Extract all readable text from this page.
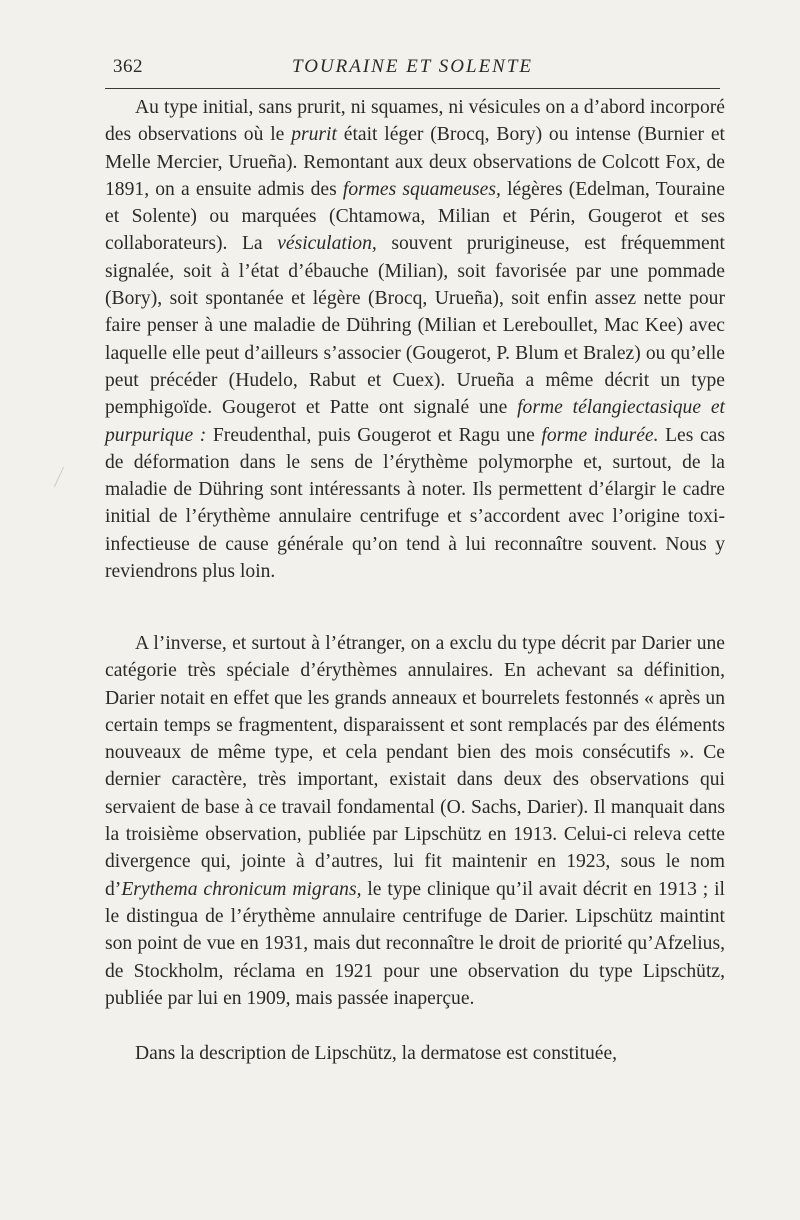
362	TOURAINE ET SOLENTE

Au type initial, sans prurit, ni squames, ni vésicules on a d’abord incorporé des observations où le prurit était léger (Brocq, Bory) ou intense (Burnier et Melle Mercier, Urueña). Remontant aux deux observations de Colcott Fox, de 1891, on a ensuite admis des formes squameuses, légères (Edelman, Touraine et Solente) ou marquées (Chtamowa, Milian et Périn, Gougerot et ses collaborateurs). La vésiculation, souvent prurigineuse, est fréquemment signalée, soit à l’état d’ébauche (Milian), soit favorisée par une pommade (Bory), soit spontanée et légère (Brocq, Urueña), soit enfin assez nette pour faire penser à une maladie de Dühring (Milian et Lereboullet, Mac Kee) avec laquelle elle peut d’ailleurs s’associer (Gougerot, P. Blum et Bralez) ou qu’elle peut précéder (Hudelo, Rabut et Cuex). Urueña a même décrit un type pemphigoïde. Gougerot et Patte ont signalé une forme télangiectasique et purpurique : Freudenthal, puis Gougerot et Ragu une forme indurée. Les cas de déformation dans le sens de l’érythème polymorphe et, surtout, de la maladie de Dühring sont intéressants à noter. Ils permettent d’élargir le cadre initial de l’érythème annulaire centrifuge et s’accordent avec l’origine toxi-infectieuse de cause générale qu’on tend à lui reconnaître souvent. Nous y reviendrons plus loin.

A l’inverse, et surtout à l’étranger, on a exclu du type décrit par Darier une catégorie très spéciale d’érythèmes annulaires. En achevant sa définition, Darier notait en effet que les grands anneaux et bourrelets festonnés « après un certain temps se fragmentent, disparaissent et sont remplacés par des éléments nouveaux de même type, et cela pendant bien des mois consécutifs ». Ce dernier caractère, très important, existait dans deux des observations qui servaient de base à ce travail fondamental (O. Sachs, Darier). Il manquait dans la troisième observation, publiée par Lipschütz en 1913. Celui-ci releva cette divergence qui, jointe à d’autres, lui fit maintenir en 1923, sous le nom d’Erythema chronicum migrans, le type clinique qu’il avait décrit en 1913 ; il le distingua de l’érythème annulaire centrifuge de Darier. Lipschütz maintint son point de vue en 1931, mais dut reconnaître le droit de priorité qu’Afzelius, de Stockholm, réclama en 1921 pour une observation du type Lipschütz, publiée par lui en 1909, mais passée inaperçue.

Dans la description de Lipschütz, la dermatose est constituée,
